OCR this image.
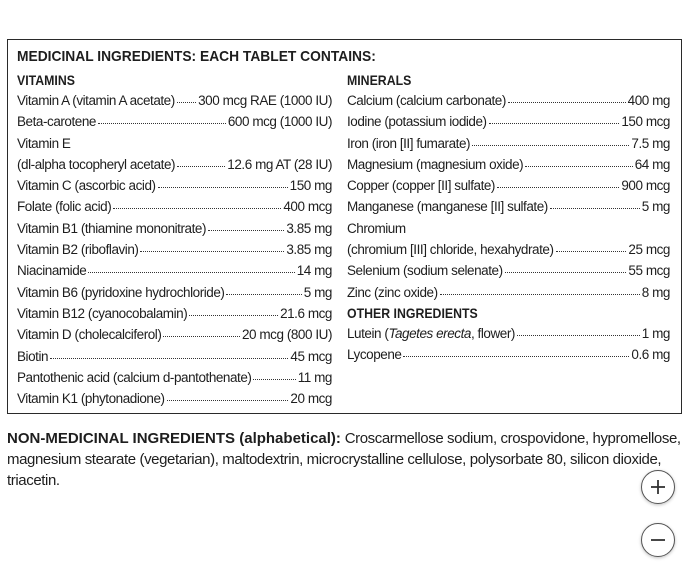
MEDICINAL INGREDIENTS: EACH TABLET CONTAINS:
VITAMINS
Vitamin A (vitamin A acetate) 300 mcg RAE (1000 IU)
Beta-carotene	600 mcg (1000 IU)
Vitamin E
(dl-alpha tocopheryl acetate)	12.6 mg AT (28 IU)
Vitamin C (ascorbic acid)	150 mg
Folate (folic acid)	400 mcg
Vitamin B1 (thiamine mononitrate)	3.85 mg
Vitamin B2 (riboflavin)	3.85 mg
Niacinamide	14 mg
Vitamin B6 (pyridoxine hydrochloride)	5 mg
Vitamin B12 (cyanocobalamin)	21.6 mcg
Vitamin D (cholecalciferol)	20 mcg (800 IU)
Biotin	45 mcg
Pantothenic acid (calcium d-pantothenate)	11 mg
Vitamin K1 (phytonadione)	20 mcg
MINERALS
Calcium (calcium carbonate)	400 mg
Iodine (potassium iodide)	150 mcg
Iron (iron [II] fumarate)	7.5 mg
Magnesium (magnesium oxide)	64 mg
Copper (copper [II] sulfate)	900 mcg
Manganese (manganese [II] sulfate)	5 mg
Chromium
(chromium [III] chloride, hexahydrate)	25 mcg
Selenium (sodium selenate)	55 mcg
Zinc (zinc oxide)	8 mg
OTHER INGREDIENTS
Lutein (Tagetes erecta, flower)	1 mg
Lycopene	0.6 mg
NON-MEDICINAL INGREDIENTS (alphabetical): Croscarmellose sodium, crospovidone, hypromellose, magnesium stearate (vegetarian), maltodextrin, microcrystalline cellulose, polysorbate 80, silicon dioxide, triacetin.
